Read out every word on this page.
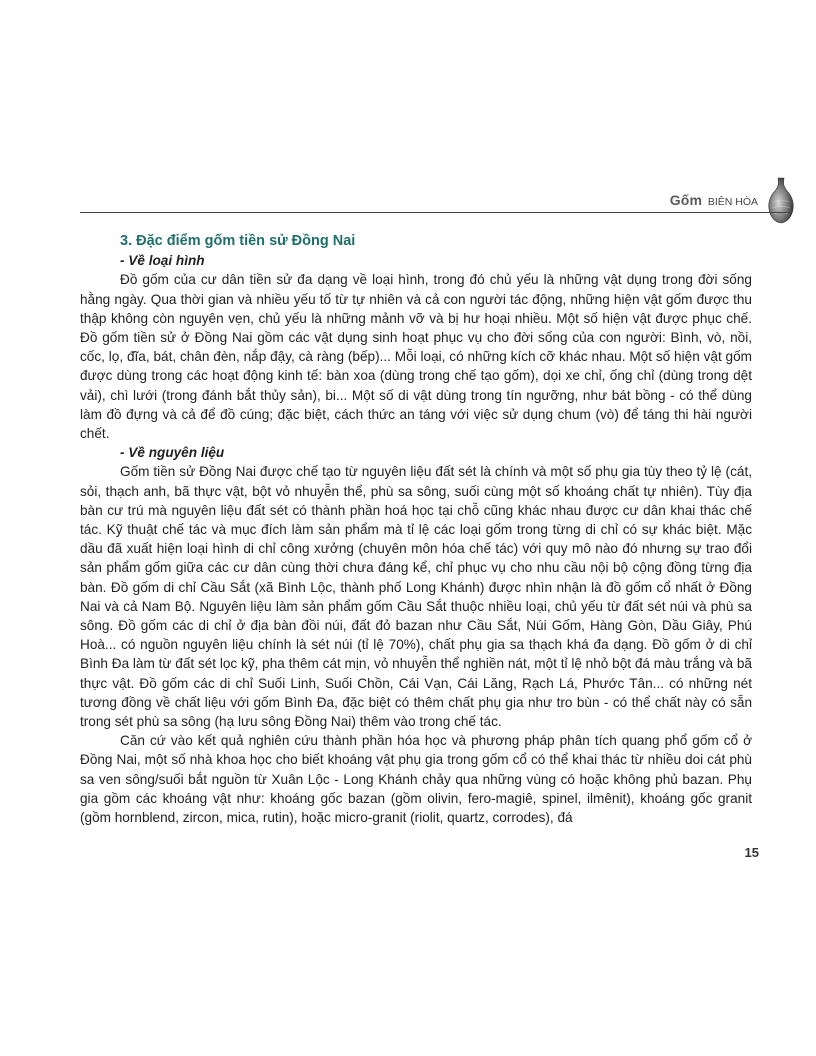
Gốm BIÊN HÒA

3. Đặc điểm gốm tiền sử Đồng Nai

- Về loại hình

Đồ gốm của cư dân tiền sử đa dạng về loại hình, trong đó chủ yếu là những vật dụng trong đời sống hằng ngày. Qua thời gian và nhiều yếu tố từ tự nhiên và cả con người tác động, những hiện vật gốm được thu thập không còn nguyên vẹn, chủ yếu là những mảnh vỡ và bị hư hoại nhiều. Một số hiện vật được phục chế. Đồ gốm tiền sử ở Đồng Nai gồm các vật dụng sinh hoạt phục vụ cho đời sống của con người: Bình, vò, nồi, cốc, lọ, đĩa, bát, chân đèn, nắp đậy, cà ràng (bếp)... Mỗi loại, có những kích cỡ khác nhau. Một số hiện vật gốm được dùng trong các hoạt động kinh tế: bàn xoa (dùng trong chế tạo gốm), dọi xe chỉ, ống chỉ (dùng trong dệt vải), chì lưới (trong đánh bắt thủy sản), bi... Một số di vật dùng trong tín ngưỡng, như bát bồng - có thể dùng làm đồ đựng và cả để đồ cúng; đặc biệt, cách thức an táng với việc sử dụng chum (vò) để táng thi hài người chết.

- Về nguyên liệu

Gốm tiền sử Đồng Nai được chế tạo từ nguyên liệu đất sét là chính và một số phụ gia tùy theo tỷ lệ (cát, sỏi, thạch anh, bã thực vật, bột vỏ nhuyễn thể, phù sa sông, suối cùng một số khoáng chất tự nhiên). Tùy địa bàn cư trú mà nguyên liệu đất sét có thành phần hoá học tại chỗ cũng khác nhau được cư dân khai thác chế tác. Kỹ thuật chế tác và mục đích làm sản phẩm mà tỉ lệ các loại gốm trong từng di chỉ có sự khác biệt. Mặc dầu đã xuất hiện loại hình di chỉ công xưởng (chuyên môn hóa chế tác) với quy mô nào đó nhưng sự trao đổi sản phẩm gốm giữa các cư dân cùng thời chưa đáng kể, chỉ phục vụ cho nhu cầu nội bộ cộng đồng từng địa bàn. Đồ gốm di chỉ Cầu Sắt (xã Bình Lộc, thành phố Long Khánh) được nhìn nhận là đồ gốm cổ nhất ở Đồng Nai và cả Nam Bộ. Nguyên liệu làm sản phẩm gốm Cầu Sắt thuộc nhiều loại, chủ yếu từ đất sét núi và phù sa sông. Đồ gốm các di chỉ ở địa bàn đồi núi, đất đỏ bazan như Cầu Sắt, Núi Gốm, Hàng Gòn, Dầu Giây, Phú Hoà... có nguồn nguyên liệu chính là sét núi (tỉ lệ 70%), chất phụ gia sa thạch khá đa dạng. Đồ gốm ở di chỉ Bình Đa làm từ đất sét lọc kỹ, pha thêm cát mịn, vỏ nhuyễn thể nghiền nát, một tỉ lệ nhỏ bột đá màu trắng và bã thực vật. Đồ gốm các di chỉ Suối Linh, Suối Chồn, Cái Vạn, Cái Lăng, Rạch Lá, Phước Tân... có những nét tương đồng về chất liệu với gốm Bình Đa, đặc biệt có thêm chất phụ gia như tro bùn - có thể chất này có sẵn trong sét phù sa sông (hạ lưu sông Đồng Nai) thêm vào trong chế tác.

Căn cứ vào kết quả nghiên cứu thành phần hóa học và phương pháp phân tích quang phổ gốm cổ ở Đồng Nai, một số nhà khoa học cho biết khoáng vật phụ gia trong gốm cổ có thể khai thác từ nhiều doi cát phù sa ven sông/suối bắt nguồn từ Xuân Lộc - Long Khánh chảy qua những vùng có hoặc không phủ bazan. Phụ gia gồm các khoáng vật như: khoáng gốc bazan (gồm olivin, fero-magiê, spinel, ilmênit), khoáng gốc granit (gồm hornblend, zircon, mica, rutin), hoặc micro-granit (riolit, quartz, corrodes), đá

15
